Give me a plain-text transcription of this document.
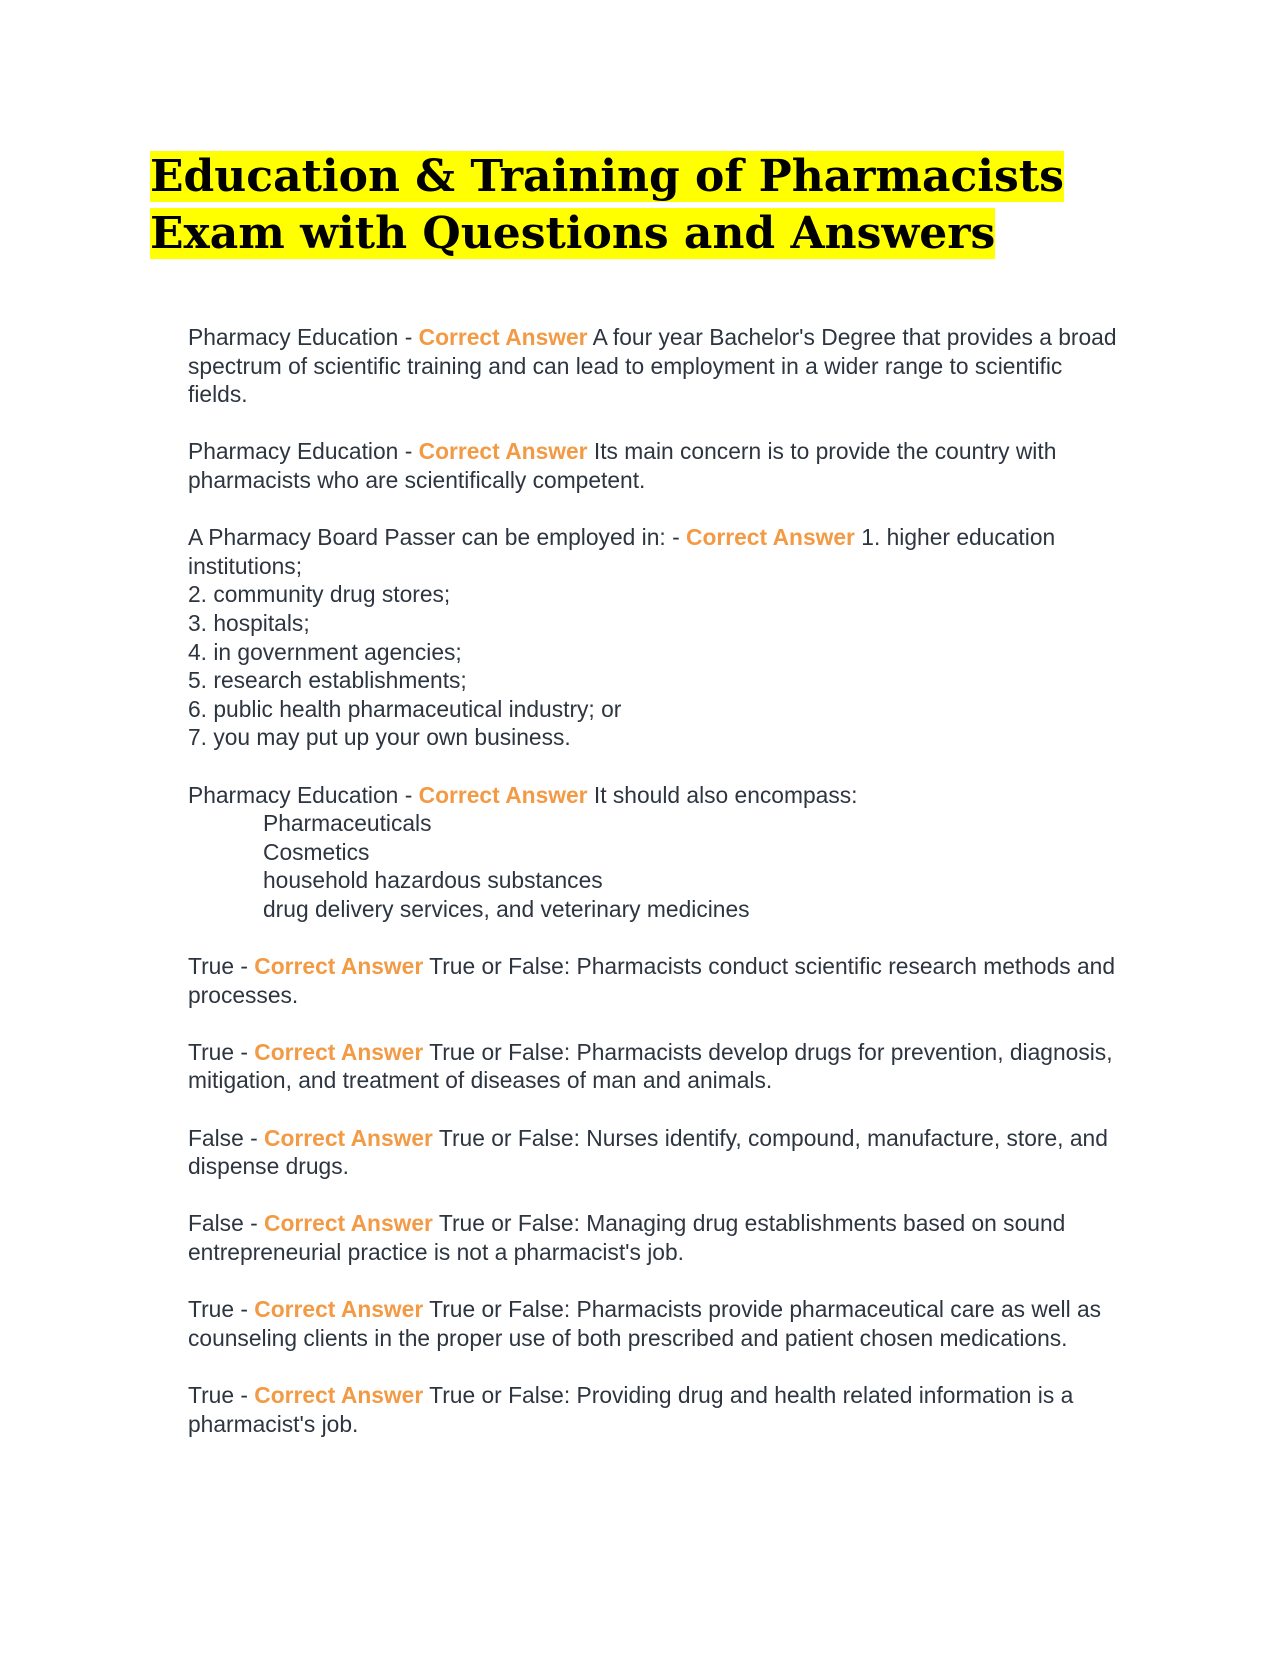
Education & Training of Pharmacists Exam with Questions and Answers
Pharmacy Education - Correct Answer A four year Bachelor's Degree that provides a broad spectrum of scientific training and can lead to employment in a wider range to scientific fields.
Pharmacy Education - Correct Answer Its main concern is to provide the country with pharmacists who are scientifically competent.
A Pharmacy Board Passer can be employed in: - Correct Answer 1. higher education institutions;
2. community drug stores;
3. hospitals;
4. in government agencies;
5. research establishments;
6. public health pharmaceutical industry; or
7. you may put up your own business.
Pharmacy Education - Correct Answer It should also encompass:
Pharmaceuticals
Cosmetics
household hazardous substances
drug delivery services, and veterinary medicines
True - Correct Answer True or False: Pharmacists conduct scientific research methods and processes.
True - Correct Answer True or False: Pharmacists develop drugs for prevention, diagnosis, mitigation, and treatment of diseases of man and animals.
False - Correct Answer True or False: Nurses identify, compound, manufacture, store, and dispense drugs.
False - Correct Answer True or False: Managing drug establishments based on sound entrepreneurial practice is not a pharmacist's job.
True - Correct Answer True or False: Pharmacists provide pharmaceutical care as well as counseling clients in the proper use of both prescribed and patient chosen medications.
True - Correct Answer True or False: Providing drug and health related information is a pharmacist's job.
